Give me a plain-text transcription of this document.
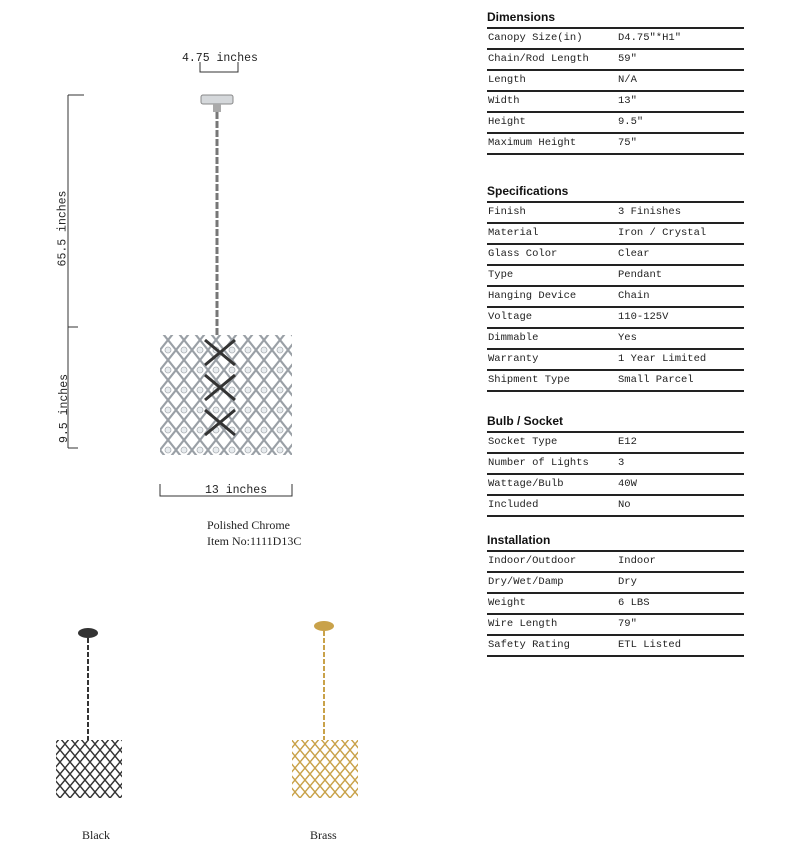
4.75 inches
65.5 inches
9.5 inches
13 inches
Polished Chrome
Item No:1111D13C
Black	Brass
Dimensions
Canopy Size(in)	D4.75"*H1"
Chain/Rod Length	59"
Length	N/A
Width	13"
Height	9.5"
Maximum Height	75"
Specifications
Finish	3 Finishes
Material	Iron / Crystal
Glass Color	Clear
Type	Pendant
Hanging Device	Chain
Voltage	110-125V
Dimmable	Yes
Warranty	1 Year Limited
Shipment Type	Small Parcel
Bulb / Socket
Socket Type	E12
Number of Lights	3
Wattage/Bulb	40W
Included	No
Installation
Indoor/Outdoor	Indoor
Dry/Wet/Damp	Dry
Weight	6 LBS
Wire Length	79"
Safety Rating	ETL Listed
